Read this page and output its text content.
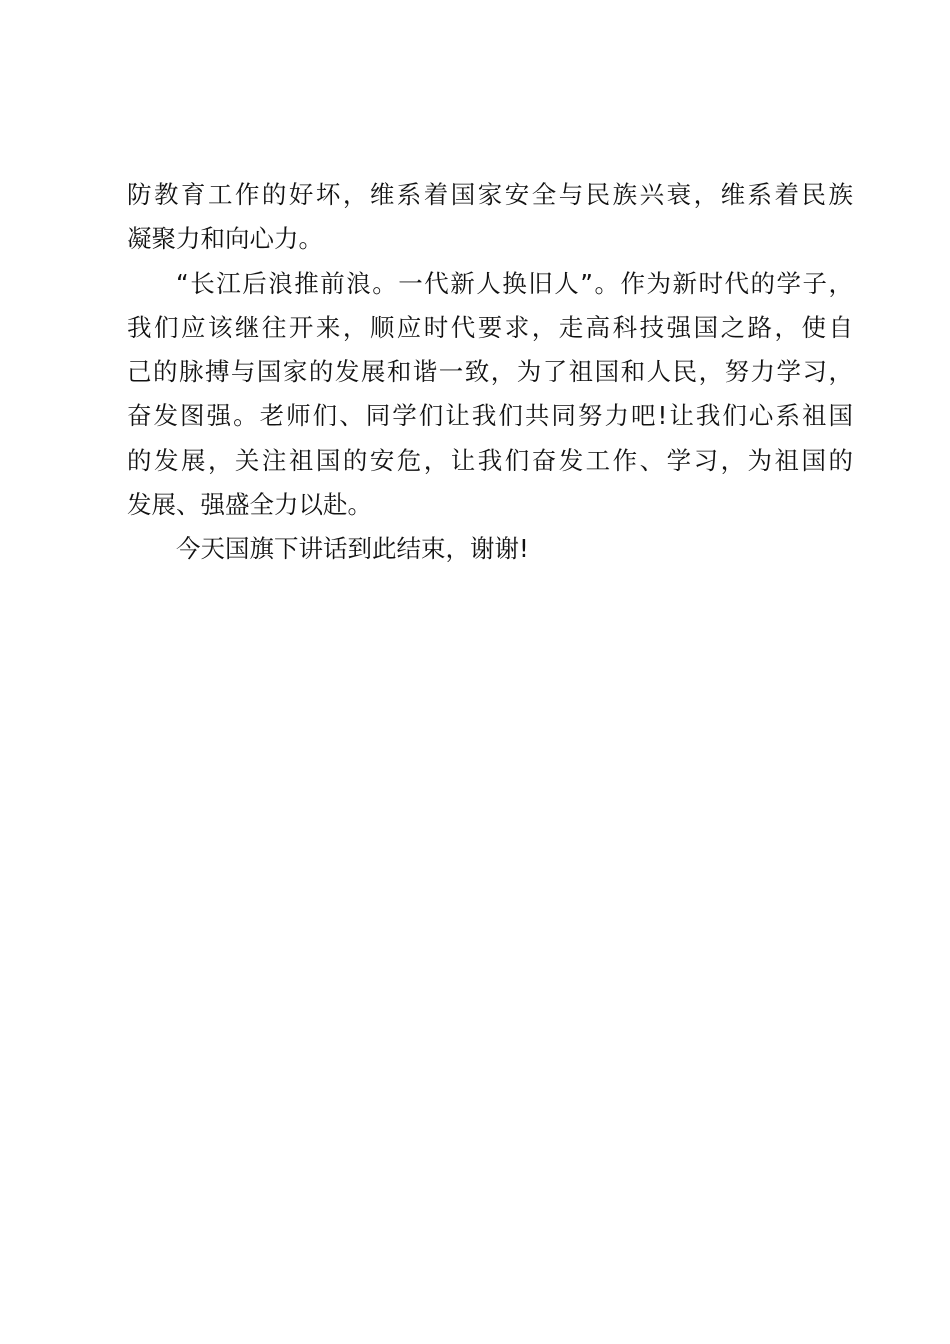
防教育工作的好坏，维系着国家安全与民族兴衰，维系着民族
凝聚力和向心力。
“长江后浪推前浪。一代新人换旧人”。作为新时代的学子，
我们应该继往开来，顺应时代要求，走高科技强国之路，使自
己的脉搏与国家的发展和谐一致，为了祖国和人民，努力学习，
奋发图强。老师们、同学们让我们共同努力吧!让我们心系祖国
的发展，关注祖国的安危，让我们奋发工作、学习，为祖国的
发展、强盛全力以赴。
今天国旗下讲话到此结束，谢谢!
